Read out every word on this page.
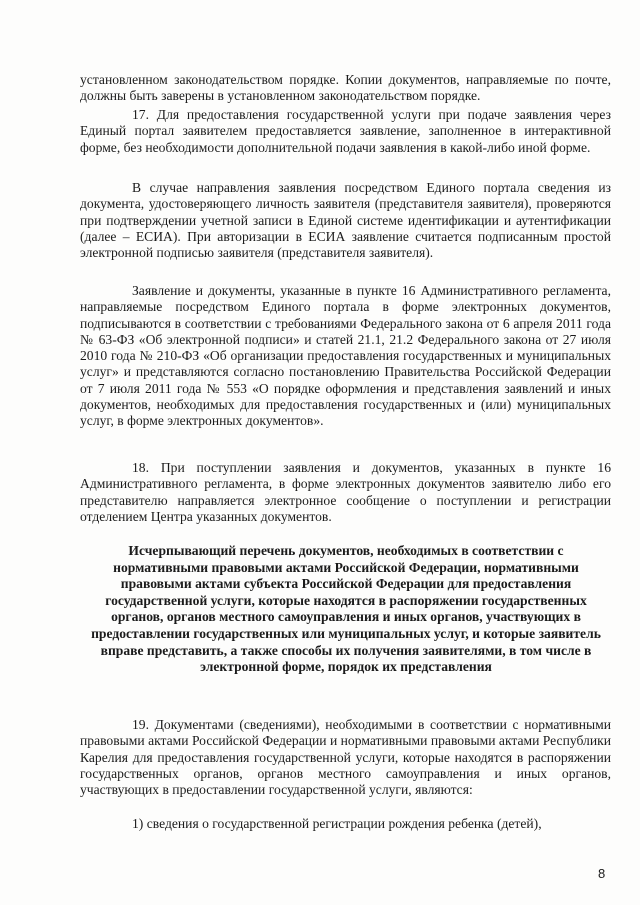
установленном законодательством порядке. Копии документов, направляемые по почте, должны быть заверены в установленном законодательством порядке.

17. Для предоставления государственной услуги при подаче заявления через Единый портал заявителем предоставляется заявление, заполненное в интерактивной форме, без необходимости дополнительной подачи заявления в какой-либо иной форме.

В случае направления заявления посредством Единого портала сведения из документа, удостоверяющего личность заявителя (представителя заявителя), проверяются при подтверждении учетной записи в Единой системе идентификации и аутентификации (далее – ЕСИА). При авторизации в ЕСИА заявление считается подписанным простой электронной подписью заявителя (представителя заявителя).

Заявление и документы, указанные в пункте 16 Административного регламента, направляемые посредством Единого портала в форме электронных документов, подписываются в соответствии с требованиями Федерального закона от 6 апреля 2011 года № 63-ФЗ «Об электронной подписи» и статей 21.1, 21.2 Федерального закона от 27 июля 2010 года № 210-ФЗ «Об организации предоставления государственных и муниципальных услуг» и представляются согласно постановлению Правительства Российской Федерации от 7 июля 2011 года № 553 «О порядке оформления и представления заявлений и иных документов, необходимых для предоставления государственных и (или) муниципальных услуг, в форме электронных документов».

18. При поступлении заявления и документов, указанных в пункте 16 Административного регламента, в форме электронных документов заявителю либо его представителю направляется электронное сообщение о поступлении и регистрации отделением Центра указанных документов.

Исчерпывающий перечень документов, необходимых в соответствии с нормативными правовыми актами Российской Федерации, нормативными правовыми актами субъекта Российской Федерации для предоставления государственной услуги, которые находятся в распоряжении государственных органов, органов местного самоуправления и иных органов, участвующих в предоставлении государственных или муниципальных услуг, и которые заявитель вправе представить, а также способы их получения заявителями, в том числе в электронной форме, порядок их представления

19. Документами (сведениями), необходимыми в соответствии с нормативными правовыми актами Российской Федерации и нормативными правовыми актами Республики Карелия для предоставления государственной услуги, которые находятся в распоряжении государственных органов, органов местного самоуправления и иных органов, участвующих в предоставлении государственной услуги, являются:

1) сведения о государственной регистрации рождения ребенка (детей),

8
